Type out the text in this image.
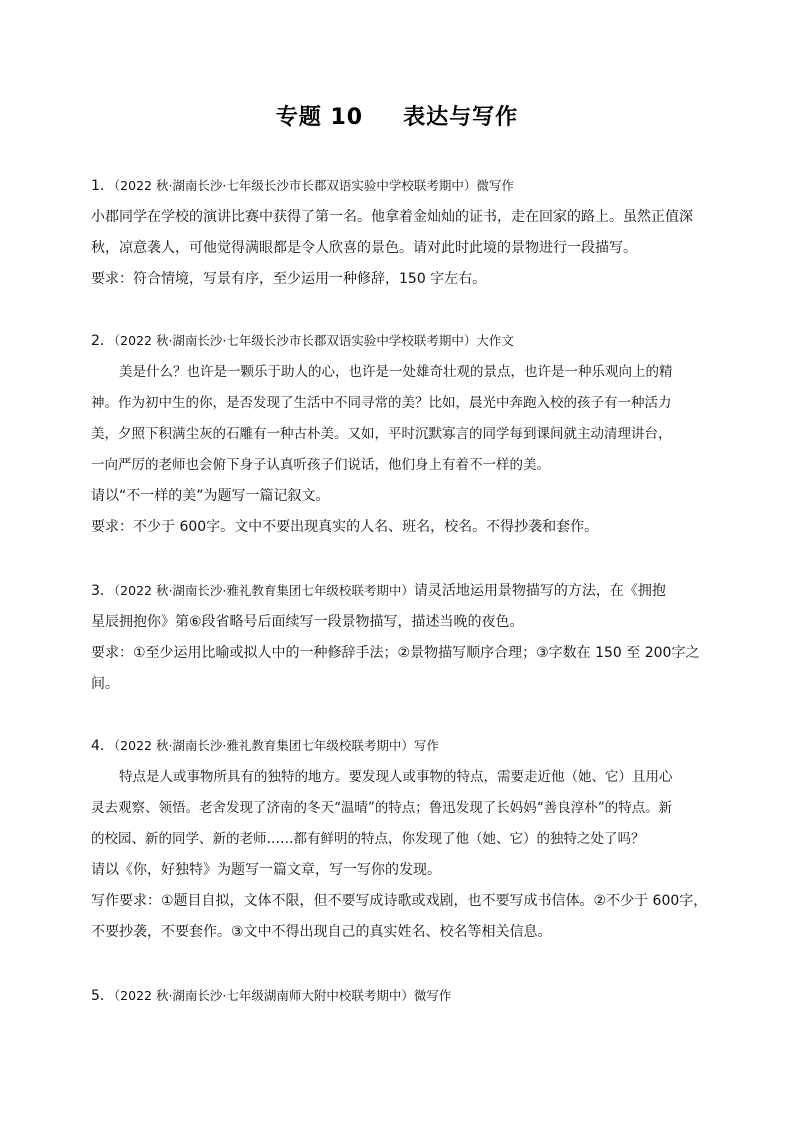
专题 10 表达与写作
1．（2022 秋·湖南长沙·七年级长沙市长郡双语实验中学校联考期中）微写作
小郡同学在学校的演讲比赛中获得了第一名。他拿着金灿灿的证书，走在回家的路上。虽然正值深
秋，凉意袭人，可他觉得满眼都是令人欣喜的景色。请对此时此境的景物进行一段描写。
要求：符合情境，写景有序，至少运用一种修辞，150 字左右。
2．（2022 秋·湖南长沙·七年级长沙市长郡双语实验中学校联考期中）大作文
美是什么？也许是一颗乐于助人的心，也许是一处雄奇壮观的景点，也许是一种乐观向上的精
神。作为初中生的你，是否发现了生活中不同寻常的美？比如，晨光中奔跑入校的孩子有一种活力
美，夕照下积满尘灰的石雕有一种古朴美。又如，平时沉默寡言的同学每到课间就主动清理讲台，
一向严厉的老师也会俯下身子认真听孩子们说话，他们身上有着不一样的美。
请以“不一样的美”为题写一篇记叙文。
要求：不少于 600字。文中不要出现真实的人名、班名，校名。不得抄袭和套作。
3．（2022 秋·湖南长沙·雅礼教育集团七年级校联考期中）请灵活地运用景物描写的方法，在《拥抱
星辰拥抱你》第⑥段省略号后面续写一段景物描写，描述当晚的夜色。
要求：①至少运用比喻或拟人中的一种修辞手法；②景物描写顺序合理；③字数在 150 至 200字之
间。
4．（2022 秋·湖南长沙·雅礼教育集团七年级校联考期中）写作
特点是人或事物所具有的独特的地方。要发现人或事物的特点，需要走近他（她、它）且用心
灵去观察、领悟。老舍发现了济南的冬天“温晴”的特点；鲁迅发现了长妈妈“善良淳朴”的特点。新
的校园、新的同学、新的老师……都有鲜明的特点，你发现了他（她、它）的独特之处了吗？
请以《你，好独特》为题写一篇文章，写一写你的发现。
写作要求：①题目自拟，文体不限，但不要写成诗歌或戏剧，也不要写成书信体。②不少于 600字，
不要抄袭，不要套作。③文中不得出现自己的真实姓名、校名等相关信息。
5．（2022 秋·湖南长沙·七年级湖南师大附中校联考期中）微写作
